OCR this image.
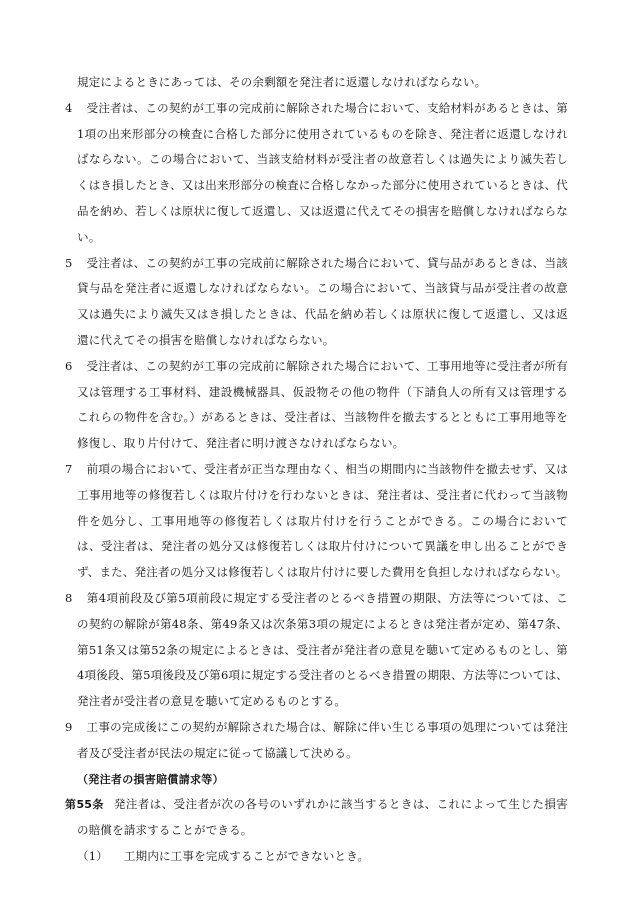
規定によるときにあっては、その余剰額を発注者に返還しなければならない。

4 受注者は、この契約が工事の完成前に解除された場合において、支給材料があるときは、第1項の出来形部分の検査に合格した部分に使用されているものを除き、発注者に返還しなければならない。この場合において、当該支給材料が受注者の故意若しくは過失により滅失若しくはき損したとき、又は出来形部分の検査に合格しなかった部分に使用されているときは、代品を納め、若しくは原状に復して返還し、又は返還に代えてその損害を賠償しなければならない。

5 受注者は、この契約が工事の完成前に解除された場合において、貸与品があるときは、当該貸与品を発注者に返還しなければならない。この場合において、当該貸与品が受注者の故意又は過失により滅失又はき損したときは、代品を納め若しくは原状に復して返還し、又は返還に代えてその損害を賠償しなければならない。

6 受注者は、この契約が工事の完成前に解除された場合において、工事用地等に受注者が所有又は管理する工事材料、建設機械器具、仮設物その他の物件（下請負人の所有又は管理するこれらの物件を含む。）があるときは、受注者は、当該物件を撤去するとともに工事用地等を修復し、取り片付けて、発注者に明け渡さなければならない。

7 前項の場合において、受注者が正当な理由なく、相当の期間内に当該物件を撤去せず、又は工事用地等の修復若しくは取片付けを行わないときは、発注者は、受注者に代わって当該物件を処分し、工事用地等の修復若しくは取片付けを行うことができる。この場合においては、受注者は、発注者の処分又は修復若しくは取片付けについて異議を申し出ることができず、また、発注者の処分又は修復若しくは取片付けに要した費用を負担しなければならない。

8 第4項前段及び第5項前段に規定する受注者のとるべき措置の期限、方法等については、この契約の解除が第48条、第49条又は次条第3項の規定によるときは発注者が定め、第47条、第51条又は第52条の規定によるときは、受注者が発注者の意見を聴いて定めるものとし、第4項後段、第5項後段及び第6項に規定する受注者のとるべき措置の期限、方法等については、発注者が受注者の意見を聴いて定めるものとする。

9 工事の完成後にこの契約が解除された場合は、解除に伴い生じる事項の処理については発注者及び受注者が民法の規定に従って協議して決める。

（発注者の損害賠償請求等）

第55条 発注者は、受注者が次の各号のいずれかに該当するときは、これによって生じた損害の賠償を請求することができる。

（1） 工期内に工事を完成することができないとき。
